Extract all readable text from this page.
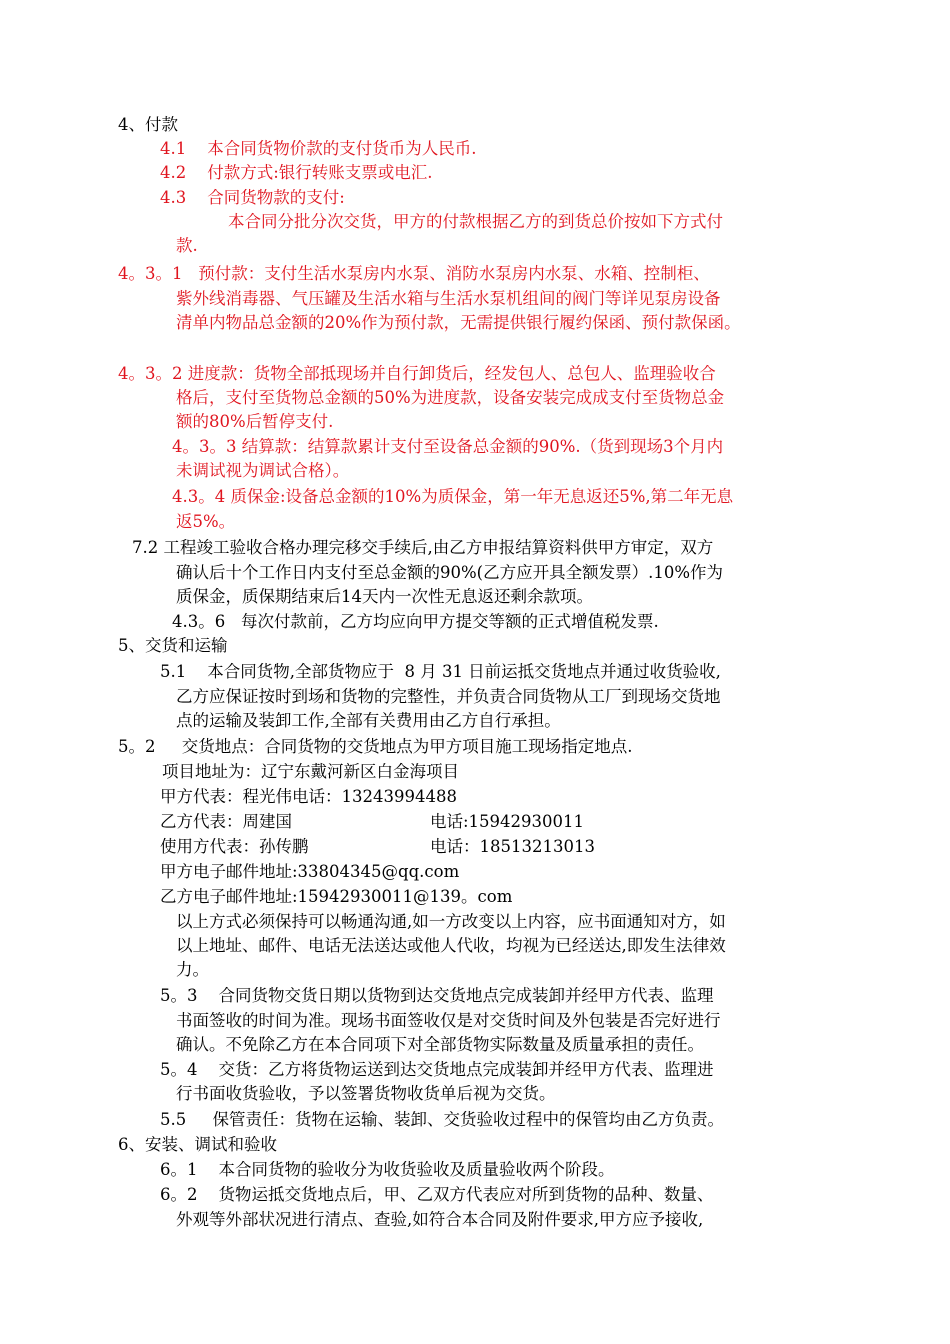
4、付款
4.1    本合同货物价款的支付货币为人民币.
4.2    付款方式:银行转账支票或电汇.
4.3    合同货物款的支付:
本合同分批分次交货，甲方的付款根据乙方的到货总价按如下方式付
款.
4。3。1   预付款：支付生活水泵房内水泵、消防水泵房内水泵、水箱、控制柜、
紫外线消毒器、气压罐及生活水箱与生活水泵机组间的阀门等详见泵房设备
清单内物品总金额的20%作为预付款，无需提供银行履约保函、预付款保函。
4。3。2 进度款：货物全部抵现场并自行卸货后，经发包人、总包人、监理验收合
格后，支付至货物总金额的50%为进度款，设备安装完成成支付至货物总金
额的80%后暂停支付.
4。3。3 结算款：结算款累计支付至设备总金额的90%.（货到现场3个月内
未调试视为调试合格）。
4.3。4 质保金:设备总金额的10%为质保金，第一年无息返还5%,第二年无息
返5%。
7.2 工程竣工验收合格办理完移交手续后,由乙方申报结算资料供甲方审定，双方
确认后十个工作日内支付至总金额的90%(乙方应开具全额发票）.10%作为
质保金，质保期结束后14天内一次性无息返还剩余款项。
4.3。6   每次付款前，乙方均应向甲方提交等额的正式增值税发票.
5、交货和运输
5.1    本合同货物,全部货物应于  8 月 31 日前运抵交货地点并通过收货验收,
乙方应保证按时到场和货物的完整性，并负责合同货物从工厂到现场交货地
点的运输及装卸工作,全部有关费用由乙方自行承担。
5。2     交货地点：合同货物的交货地点为甲方项目施工现场指定地点.
项目地址为：辽宁东戴河新区白金海项目
甲方代表：程光伟电话：13243994488
乙方代表：周建国	电话:15942930011
使用方代表：孙传鹏	电话：18513213013
甲方电子邮件地址:33804345@qq.com
乙方电子邮件地址:15942930011@139。com
以上方式必须保持可以畅通沟通,如一方改变以上内容，应书面通知对方，如
以上地址、邮件、电话无法送达或他人代收，均视为已经送达,即发生法律效
力。
5。3    合同货物交货日期以货物到达交货地点完成装卸并经甲方代表、监理
书面签收的时间为准。现场书面签收仅是对交货时间及外包装是否完好进行
确认。不免除乙方在本合同项下对全部货物实际数量及质量承担的责任。
5。4    交货：乙方将货物运送到达交货地点完成装卸并经甲方代表、监理进
行书面收货验收，予以签署货物收货单后视为交货。
5.5     保管责任：货物在运输、装卸、交货验收过程中的保管均由乙方负责。
6、安装、调试和验收
6。1    本合同货物的验收分为收货验收及质量验收两个阶段。
6。2    货物运抵交货地点后，甲、乙双方代表应对所到货物的品种、数量、
外观等外部状况进行清点、查验,如符合本合同及附件要求,甲方应予接收,
